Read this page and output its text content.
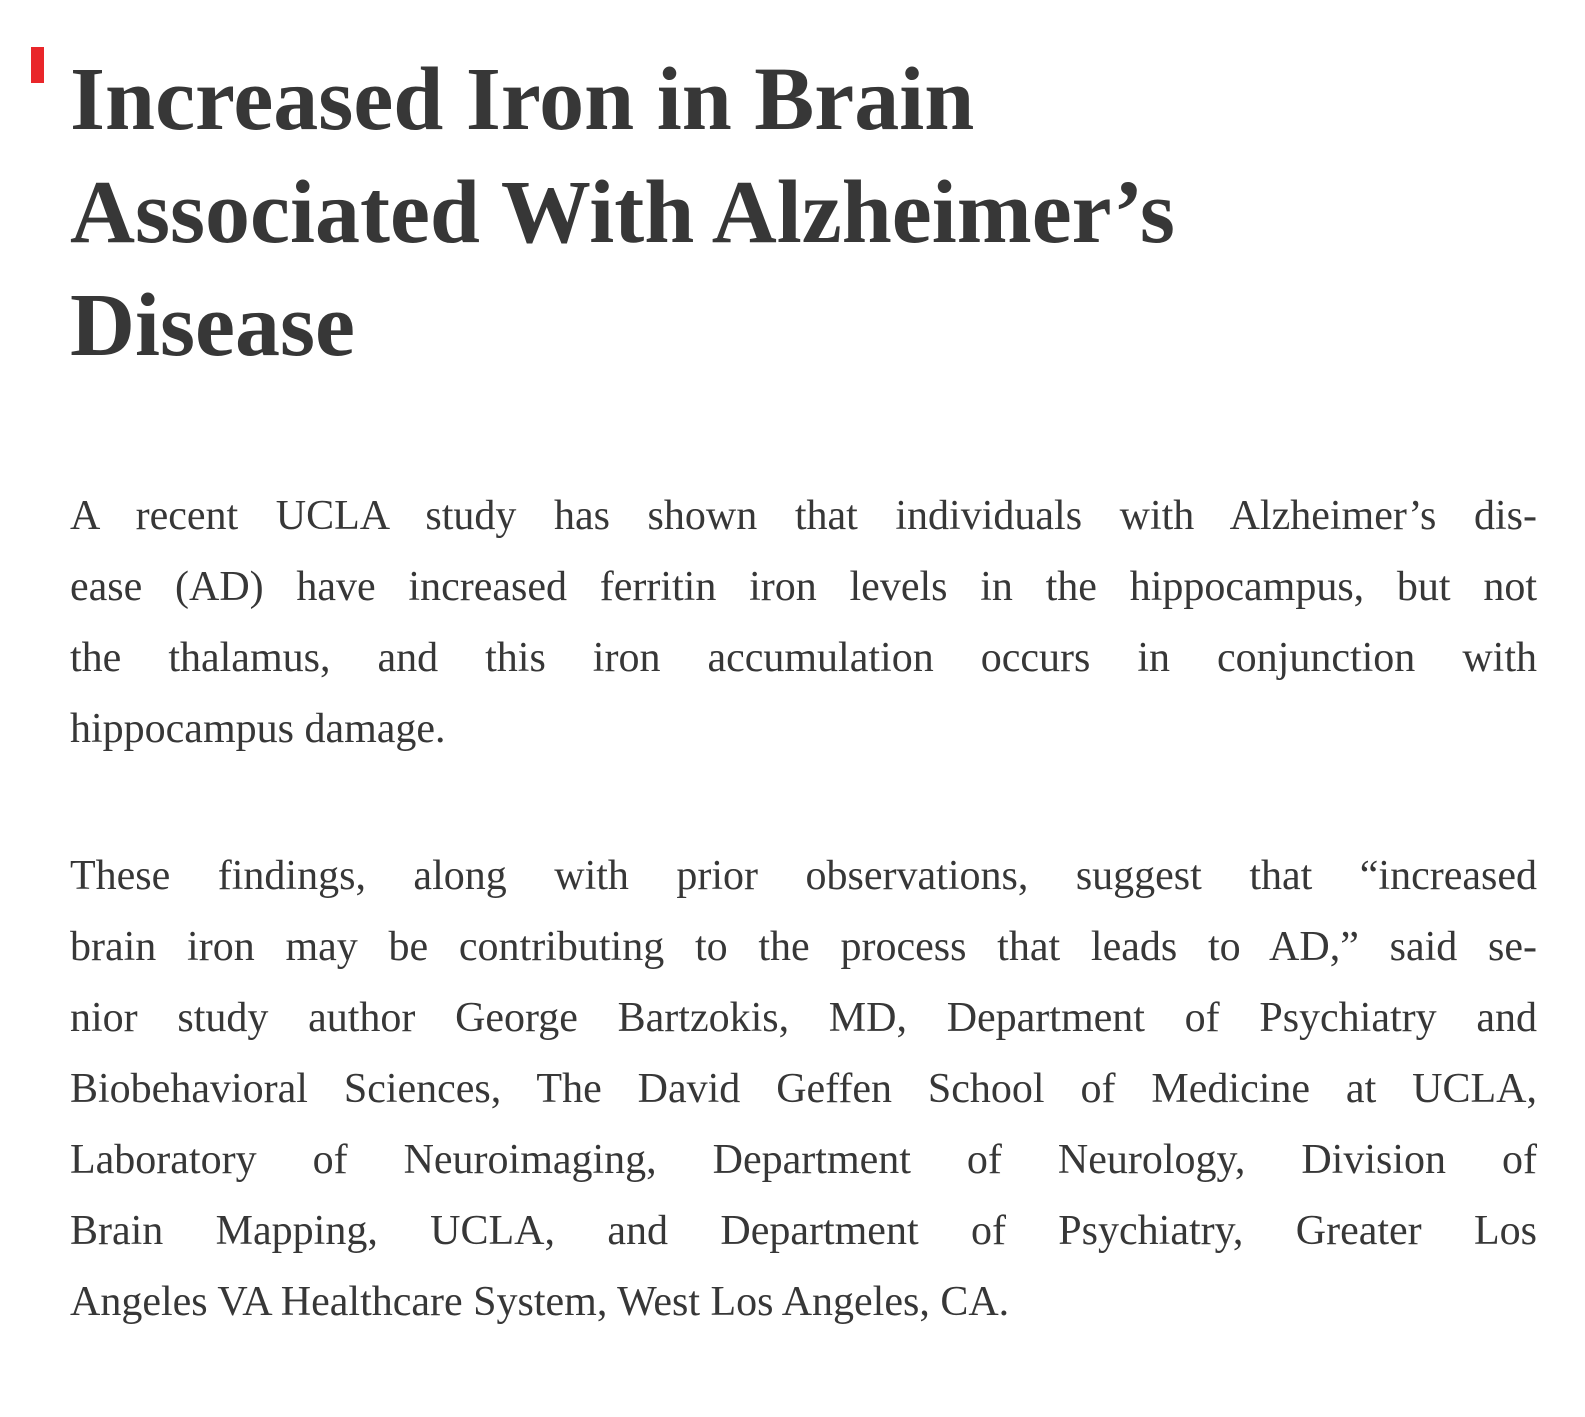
Increased Iron in Brain
Associated With Alzheimer’s
Disease
A recent UCLA study has shown that individuals with Alzheimer’s dis-
ease (AD) have increased ferritin iron levels in the hippocampus, but not
the thalamus, and this iron accumulation occurs in conjunction with
hippocampus damage.
These findings, along with prior observations, suggest that “increased
brain iron may be contributing to the process that leads to AD,” said se-
nior study author George Bartzokis, MD, Department of Psychiatry and
Biobehavioral Sciences, The David Geffen School of Medicine at UCLA,
Laboratory of Neuroimaging, Department of Neurology, Division of
Brain Mapping, UCLA, and Department of Psychiatry, Greater Los
Angeles VA Healthcare System, West Los Angeles, CA.
